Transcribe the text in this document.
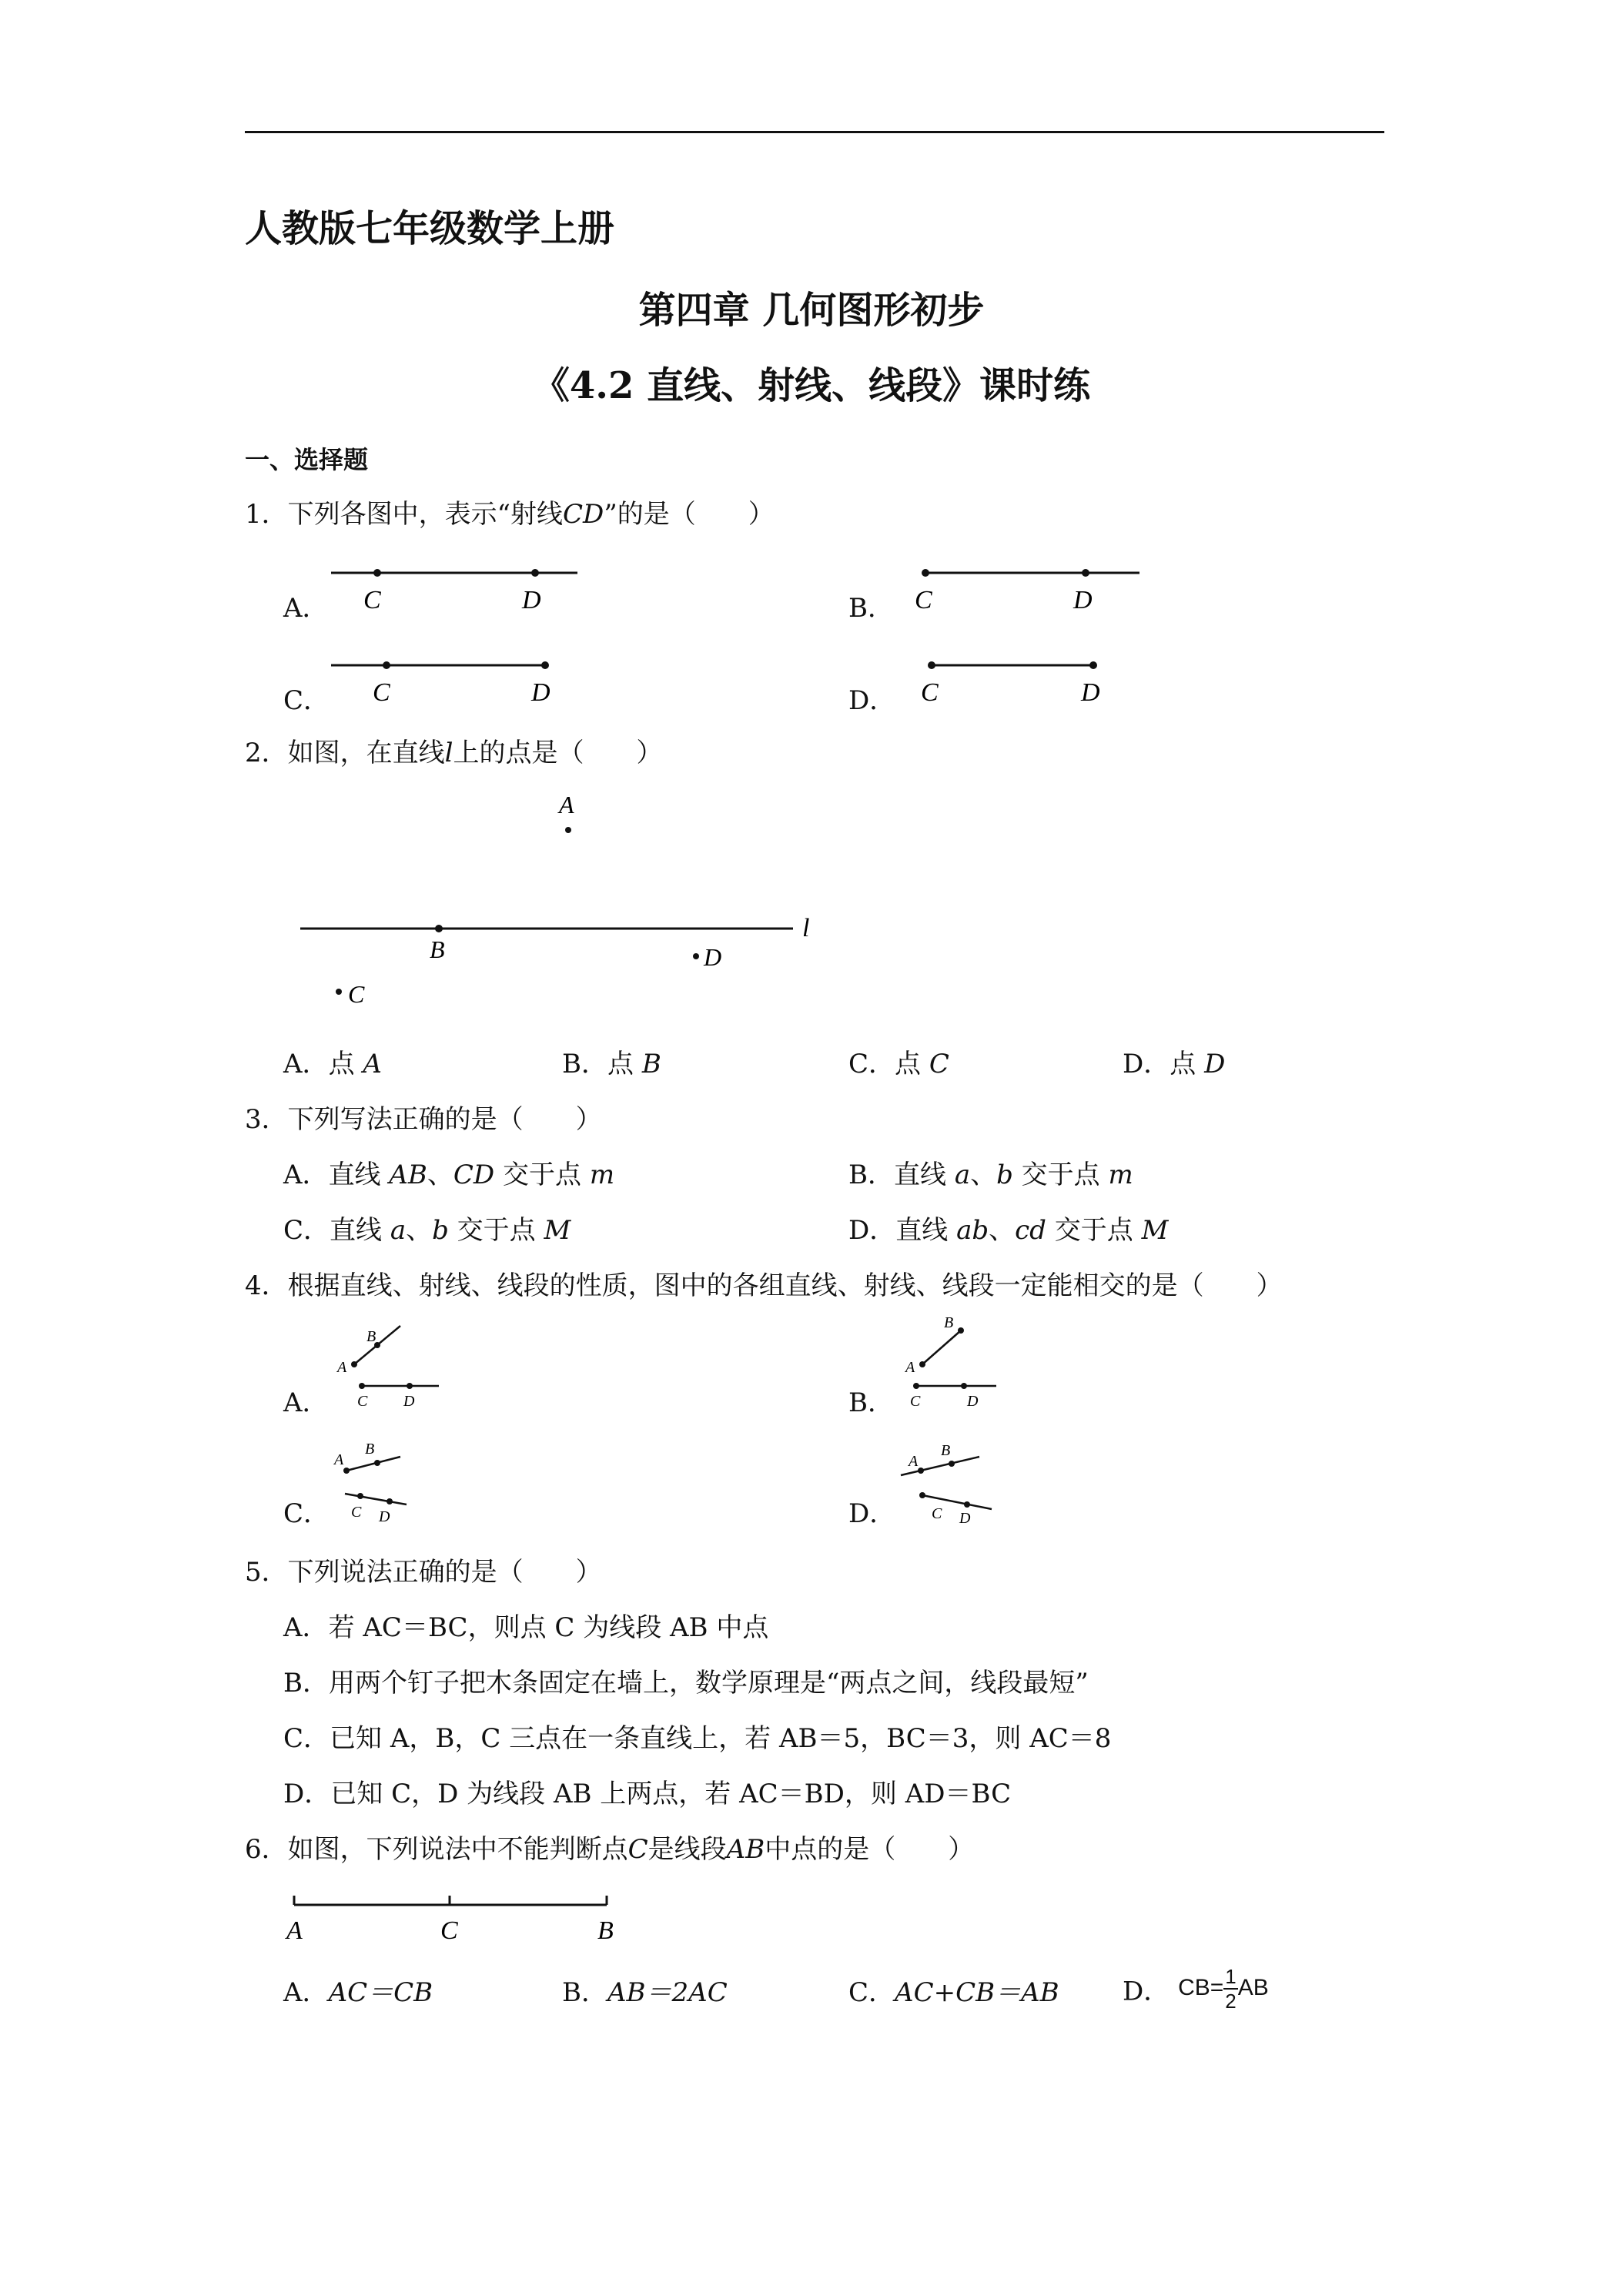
人教版七年级数学上册
第四章 几何图形初步
《4.2 直线、射线、线段》课时练
一、选择题
1．下列各图中，表示“射线CD”的是（　　）
A． C	D	B． C	D
C． C	D	D． C	D
2．如图，在直线l上的点是（　　）
A
l
B	D
C
A．点 A	B．点 B	C．点 C	D．点 D
3．下列写法正确的是（　　）
A．直线 AB、CD 交于点 m	B．直线 a、b 交于点 m
C．直线 a、b 交于点 M	D．直线 ab、cd 交于点 M
4．根据直线、射线、线段的性质，图中的各组直线、射线、线段一定能相交的是（　　）
A．
A
B
C D	B．
A
B
C	D
C．
A
B
C D	D．
A
B
C D
5．下列说法正确的是（　　）
A．若 AC＝BC，则点 C 为线段 AB 中点
B．用两个钉子把木条固定在墙上，数学原理是“两点之间，线段最短”
C．已知 A，B，C 三点在一条直线上，若 AB＝5，BC＝3，则 AC＝8
D．已知 C，D 为线段 AB 上两点，若 AC＝BD，则 AD＝BC
6．如图，下列说法中不能判断点C是线段AB中点的是（　　）
A	C	B
A．AC＝CB	B．AB＝2AC	C．AC+CB＝AB D． $CB= \frac{1}{2}$ AB
